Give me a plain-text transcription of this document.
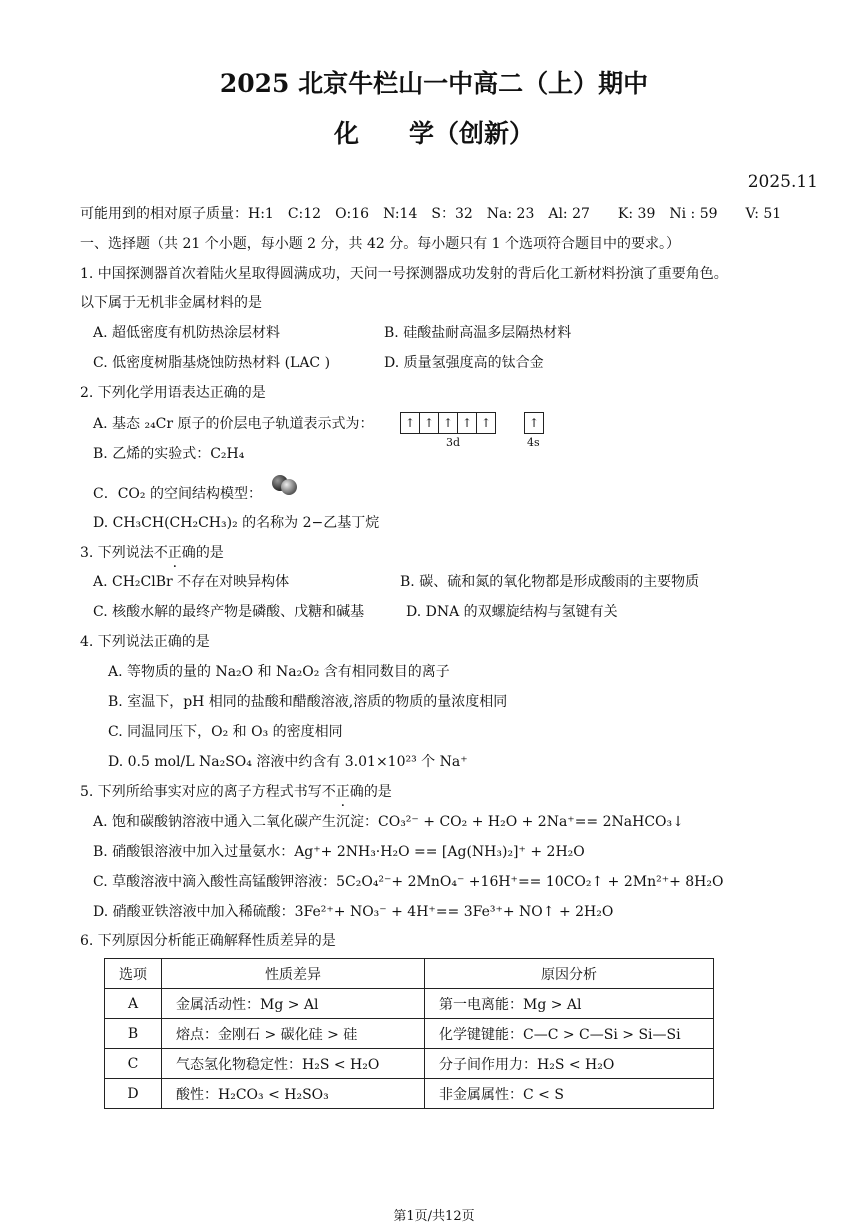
2025 北京牛栏山一中高二（上）期中
化　　学（创新）
2025.11
可能用到的相对原子质量：H:1　C:12　O:16　N:14　S：32　Na: 23　Al: 27　　K: 39　Ni : 59　　V: 51
一、选择题（共 21 个小题，每小题 2 分，共 42 分。每小题只有 1 个选项符合题目中的要求。）
1. 中国探测器首次着陆火星取得圆满成功，天问一号探测器成功发射的背后化工新材料扮演了重要角色。
以下属于无机非金属材料的是
A. 超低密度有机防热涂层材料	B. 硅酸盐耐高温多层隔热材料
C. 低密度树脂基烧蚀防热材料 (LAC )	D. 质量氢强度高的钛合金
2. 下列化学用语表达正确的是
A. 基态 ₂₄Cr 原子的价层电子轨道表示式为：	↑ ↑ ↑ ↑ ↑	↑
3d	4s
B. 乙烯的实验式：C₂H₄
C．CO₂ 的空间结构模型：
D. CH₃CH(CH₂CH₃)₂ 的名称为 2−乙基丁烷
3. 下列说法不正确的是
A. CH₂ClBr 不存在对映异构体	B. 碳、硫和氮的氧化物都是形成酸雨的主要物质
C. 核酸水解的最终产物是磷酸、戊糖和碱基	D. DNA 的双螺旋结构与氢键有关
4. 下列说法正确的是
A. 等物质的量的 Na₂O 和 Na₂O₂ 含有相同数目的离子
B. 室温下，pH 相同的盐酸和醋酸溶液,溶质的物质的量浓度相同
C. 同温同压下，O₂ 和 O₃ 的密度相同
D. 0.5 mol/L Na₂SO₄ 溶液中约含有 3.01×10²³ 个 Na⁺
5. 下列所给事实对应的离子方程式书写不正确的是
A. 饱和碳酸钠溶液中通入二氧化碳产生沉淀：CO₃²⁻ + CO₂ + H₂O + 2Na⁺== 2NaHCO₃↓
B. 硝酸银溶液中加入过量氨水：Ag⁺+ 2NH₃·H₂O == [Ag(NH₃)₂]⁺ + 2H₂O
C. 草酸溶液中滴入酸性高锰酸钾溶液：5C₂O₄²⁻+ 2MnO₄⁻ +16H⁺== 10CO₂↑ + 2Mn²⁺+ 8H₂O
D. 硝酸亚铁溶液中加入稀硫酸：3Fe²⁺+ NO₃⁻ + 4H⁺== 3Fe³⁺+ NO↑ + 2H₂O
6. 下列原因分析能正确解释性质差异的是
选项	性质差异	原因分析
A	金属活动性：Mg > Al	第一电离能：Mg > Al
B	熔点：金刚石 > 碳化硅 > 硅	化学键键能：C—C > C—Si > Si—Si
C	气态氢化物稳定性：H₂S < H₂O	分子间作用力：H₂S < H₂O
D	酸性：H₂CO₃ < H₂SO₃	非金属属性：C < S
第1页/共12页
